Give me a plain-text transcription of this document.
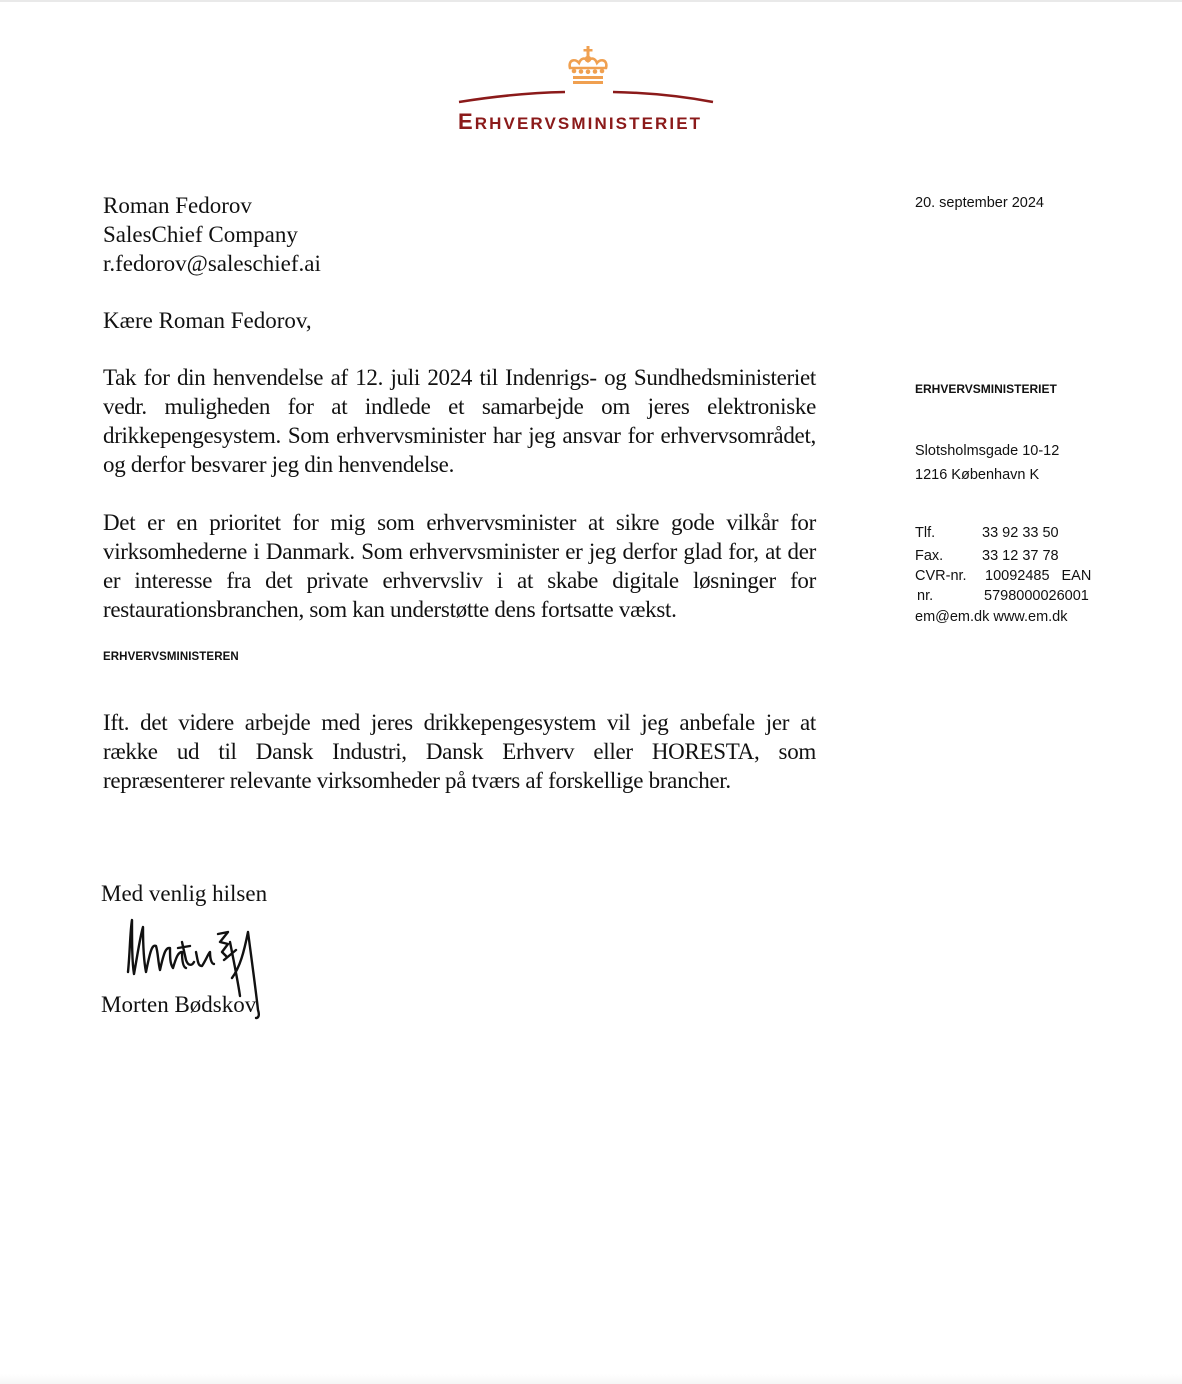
ERHVERVSMINISTERIET
20. september 2024
Roman Fedorov
SalesChief Company
r.fedorov@saleschief.ai
Kære Roman Fedorov,
Tak for din henvendelse af 12. juli 2024 til Indenrigs- og Sundhedsministeriet vedr. muligheden for at indlede et samarbejde om jeres elektroniske drikkepengesystem. Som erhvervsminister har jeg ansvar for erhvervsområdet, og derfor besvarer jeg din henvendelse.
Det er en prioritet for mig som erhvervsminister at sikre gode vilkår for virksomhederne i Danmark. Som erhvervsminister er jeg derfor glad for, at der er interesse fra det private erhvervsliv i at skabe digitale løsninger for restaurationsbranchen, som kan understøtte dens fortsatte vækst.
ERHVERVSMINISTEREN
Ift. det videre arbejde med jeres drikkepengesystem vil jeg anbefale jer at række ud til Dansk Industri, Dansk Erhverv eller HORESTA, som repræsenterer relevante virksomheder på tværs af forskellige brancher.
ERHVERVSMINISTERIET
Slotsholmsgade 10-12
1216 København K
Tlf.	33 92 33 50
Fax.	33 12 37 78
CVR-nr.	10092485 EAN
nr.	5798000026001
em@em.dk www.em.dk
Med venlig hilsen
Morten Bødskov
